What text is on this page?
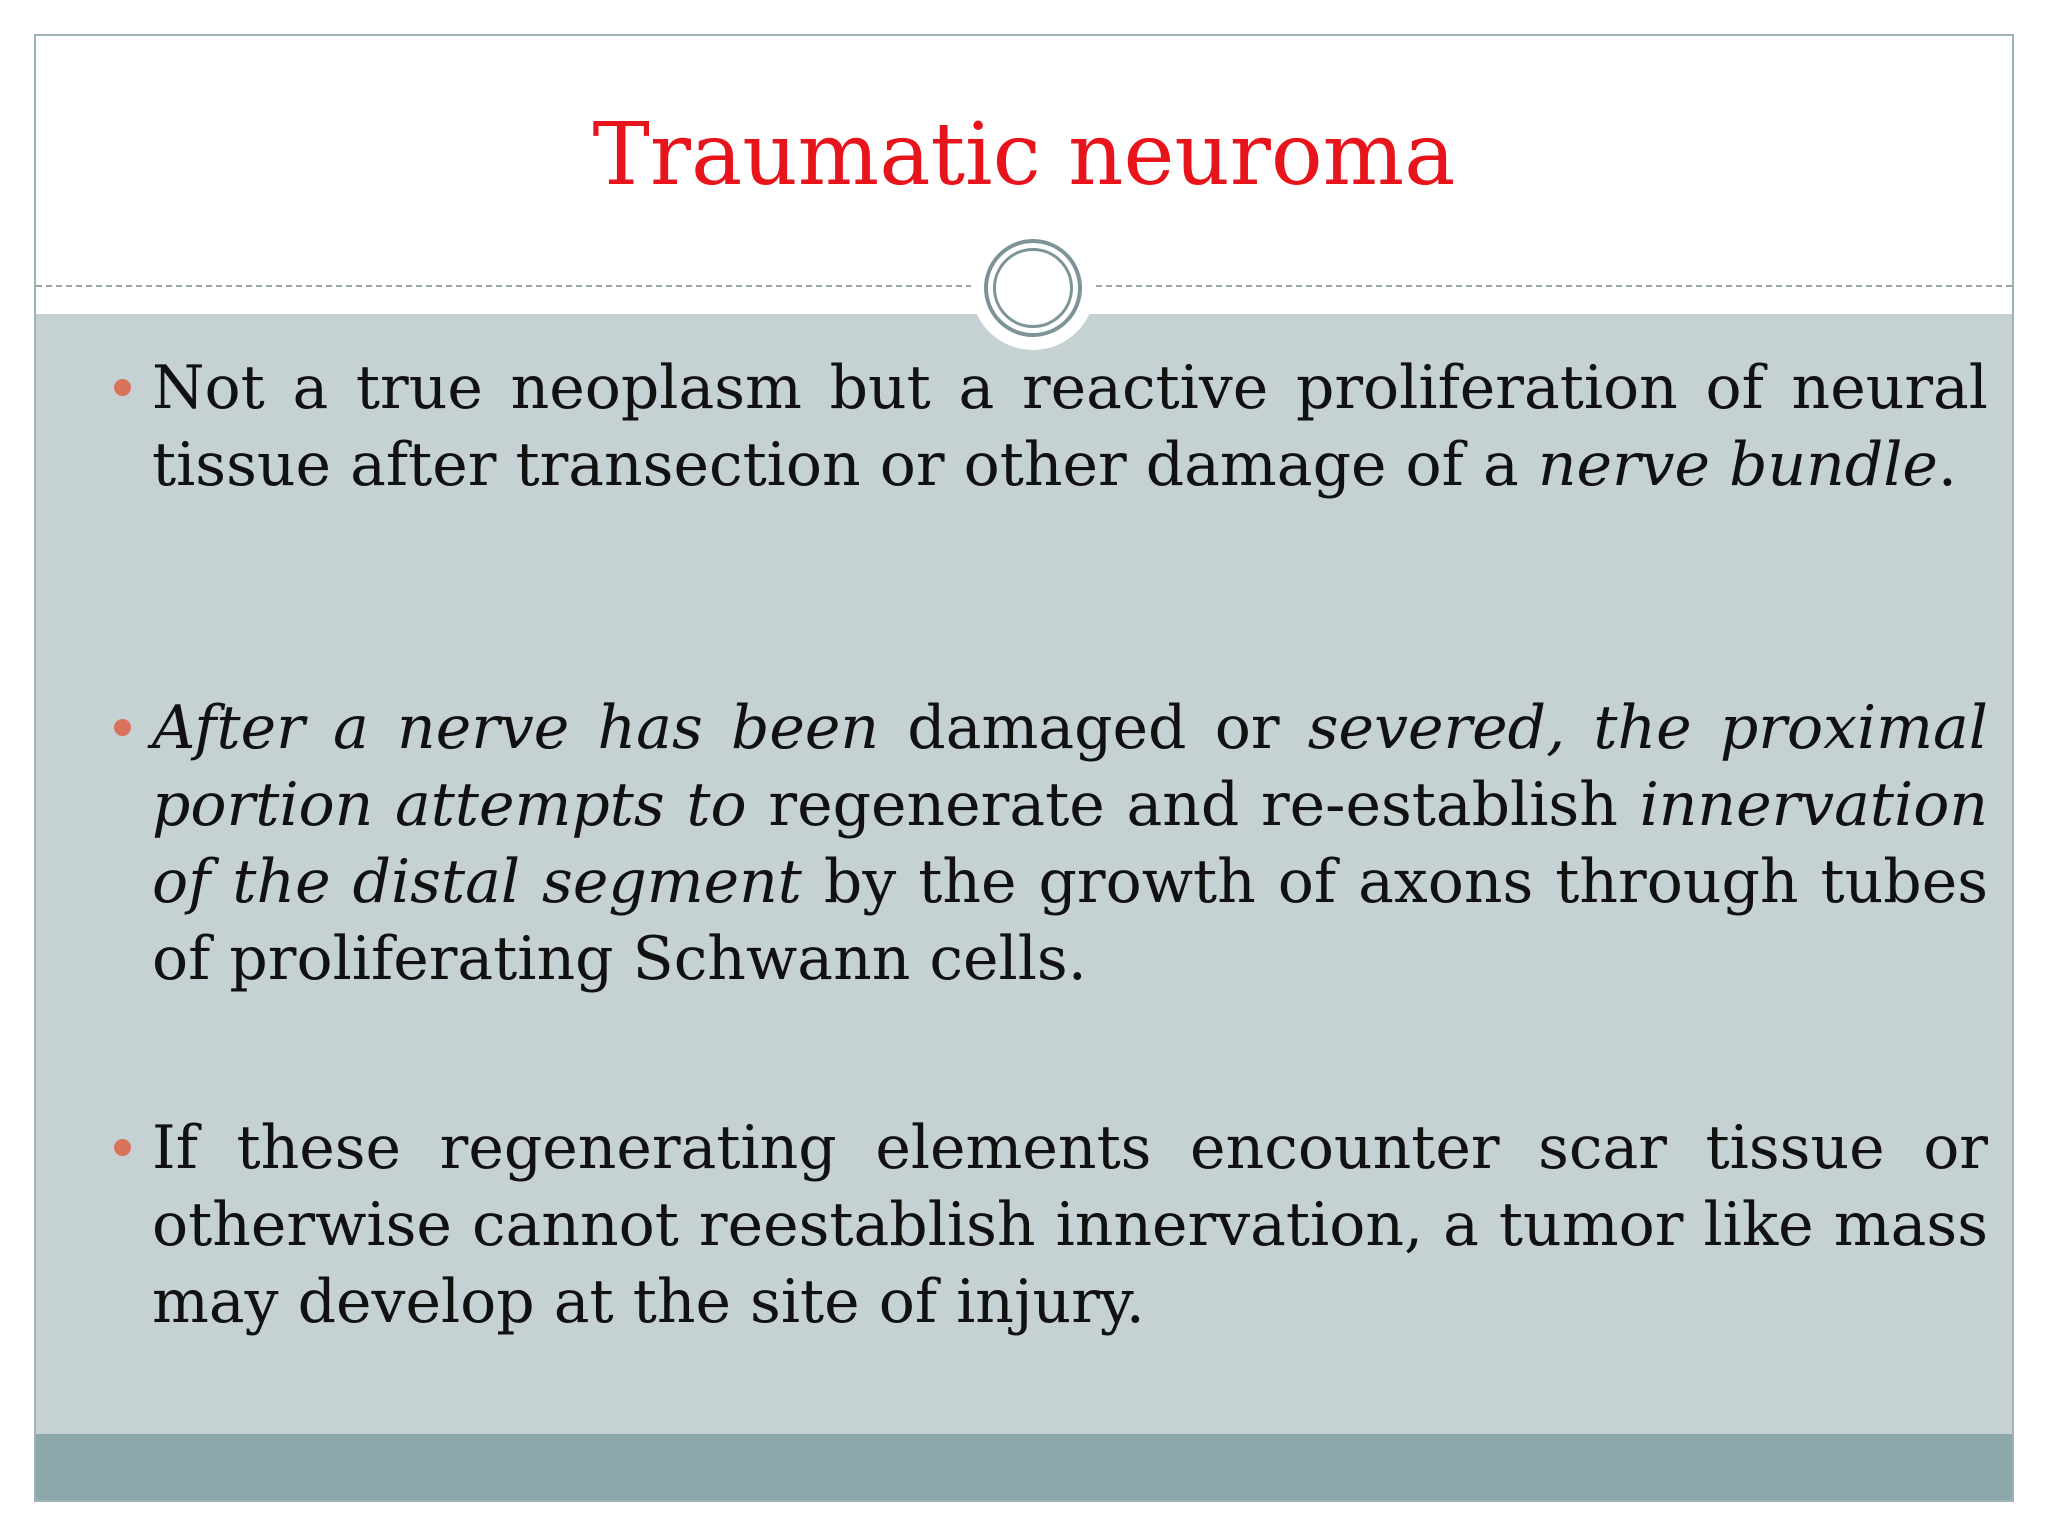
Traumatic neuroma

Not a true neoplasm but a reactive proliferation of neural tissue after transection or other damage of a nerve bundle.

After a nerve has been damaged or severed, the proximal portion attempts to regenerate and re-establish innervation of the distal segment by the growth of axons through tubes of proliferating Schwann cells.

If these regenerating elements encounter scar tissue or otherwise cannot reestablish innervation, a tumor like mass may develop at the site of injury.
